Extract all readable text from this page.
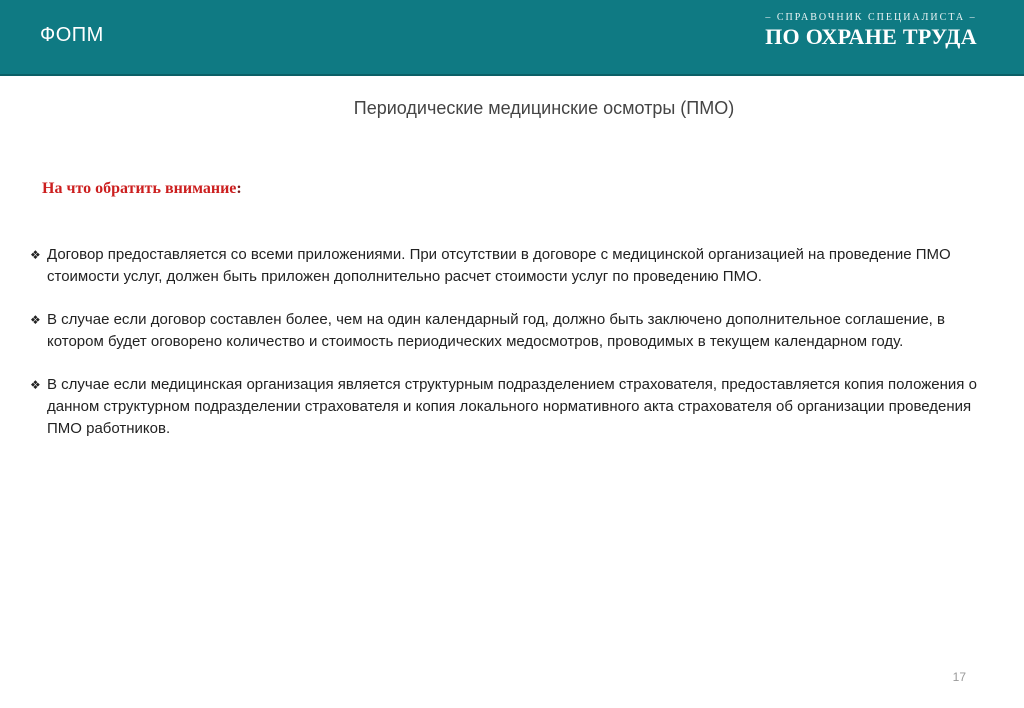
ФОПМ
– СПРАВОЧНИК СПЕЦИАЛИСТА –
ПО ОХРАНЕ ТРУДА
Периодические медицинские осмотры (ПМО)
На что обратить внимание:
❖ Договор предоставляется со всеми приложениями. При отсутствии в договоре с медицинской организацией на проведение ПМО стоимости услуг, должен быть приложен дополнительно расчет стоимости услуг по проведению ПМО.
❖ В случае если договор составлен более, чем на один календарный год, должно быть заключено дополнительное соглашение, в котором будет оговорено количество и стоимость периодических медосмотров, проводимых в текущем календарном году.
❖ В случае если медицинская организация является структурным подразделением страхователя, предоставляется копия положения о данном структурном подразделении страхователя и копия локального нормативного акта страхователя об организации проведения ПМО работников.
17
